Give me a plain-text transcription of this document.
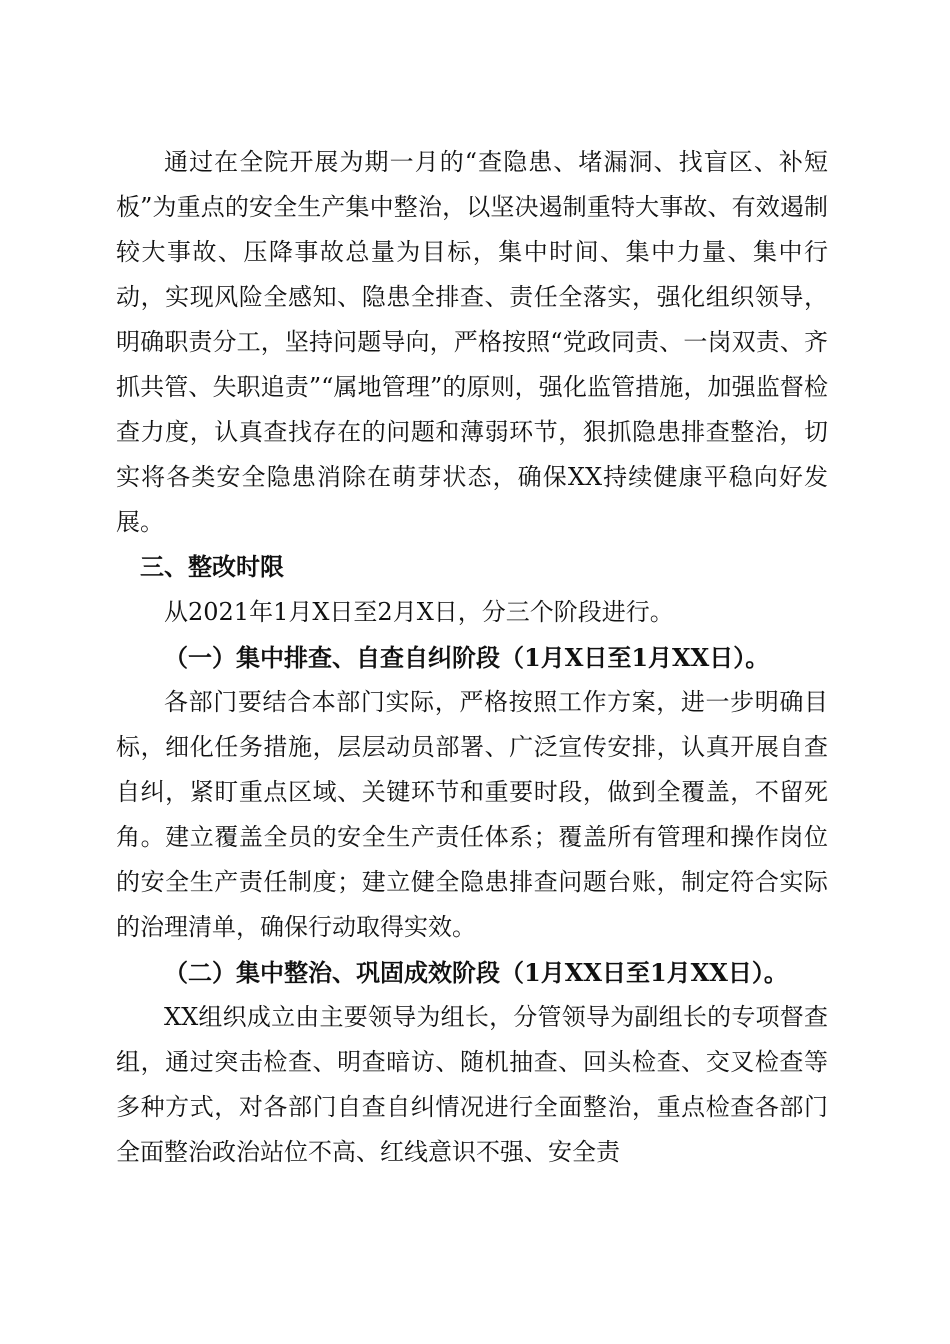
通过在全院开展为期一月的“查隐患、堵漏洞、找盲区、补短板”为重点的安全生产集中整治，以坚决遏制重特大事故、有效遏制较大事故、压降事故总量为目标，集中时间、集中力量、集中行动，实现风险全感知、隐患全排查、责任全落实，强化组织领导，明确职责分工，坚持问题导向，严格按照“党政同责、一岗双责、齐抓共管、失职追责”“属地管理”的原则，强化监管措施，加强监督检查力度，认真查找存在的问题和薄弱环节，狠抓隐患排查整治，切实将各类安全隐患消除在萌芽状态，确保XX持续健康平稳向好发展。

三、整改时限

从2021年1月X日至2月X日，分三个阶段进行。

（一）集中排查、自查自纠阶段（1月X日至1月XX日）。

各部门要结合本部门实际，严格按照工作方案，进一步明确目标，细化任务措施，层层动员部署、广泛宣传安排，认真开展自查自纠，紧盯重点区域、关键环节和重要时段，做到全覆盖，不留死角。建立覆盖全员的安全生产责任体系；覆盖所有管理和操作岗位的安全生产责任制度；建立健全隐患排查问题台账，制定符合实际的治理清单，确保行动取得实效。

（二）集中整治、巩固成效阶段（1月XX日至1月XX日）。

XX组织成立由主要领导为组长，分管领导为副组长的专项督查组，通过突击检查、明查暗访、随机抽查、回头检查、交叉检查等多种方式，对各部门自查自纠情况进行全面整治，重点检查各部门全面整治政治站位不高、红线意识不强、安全责
